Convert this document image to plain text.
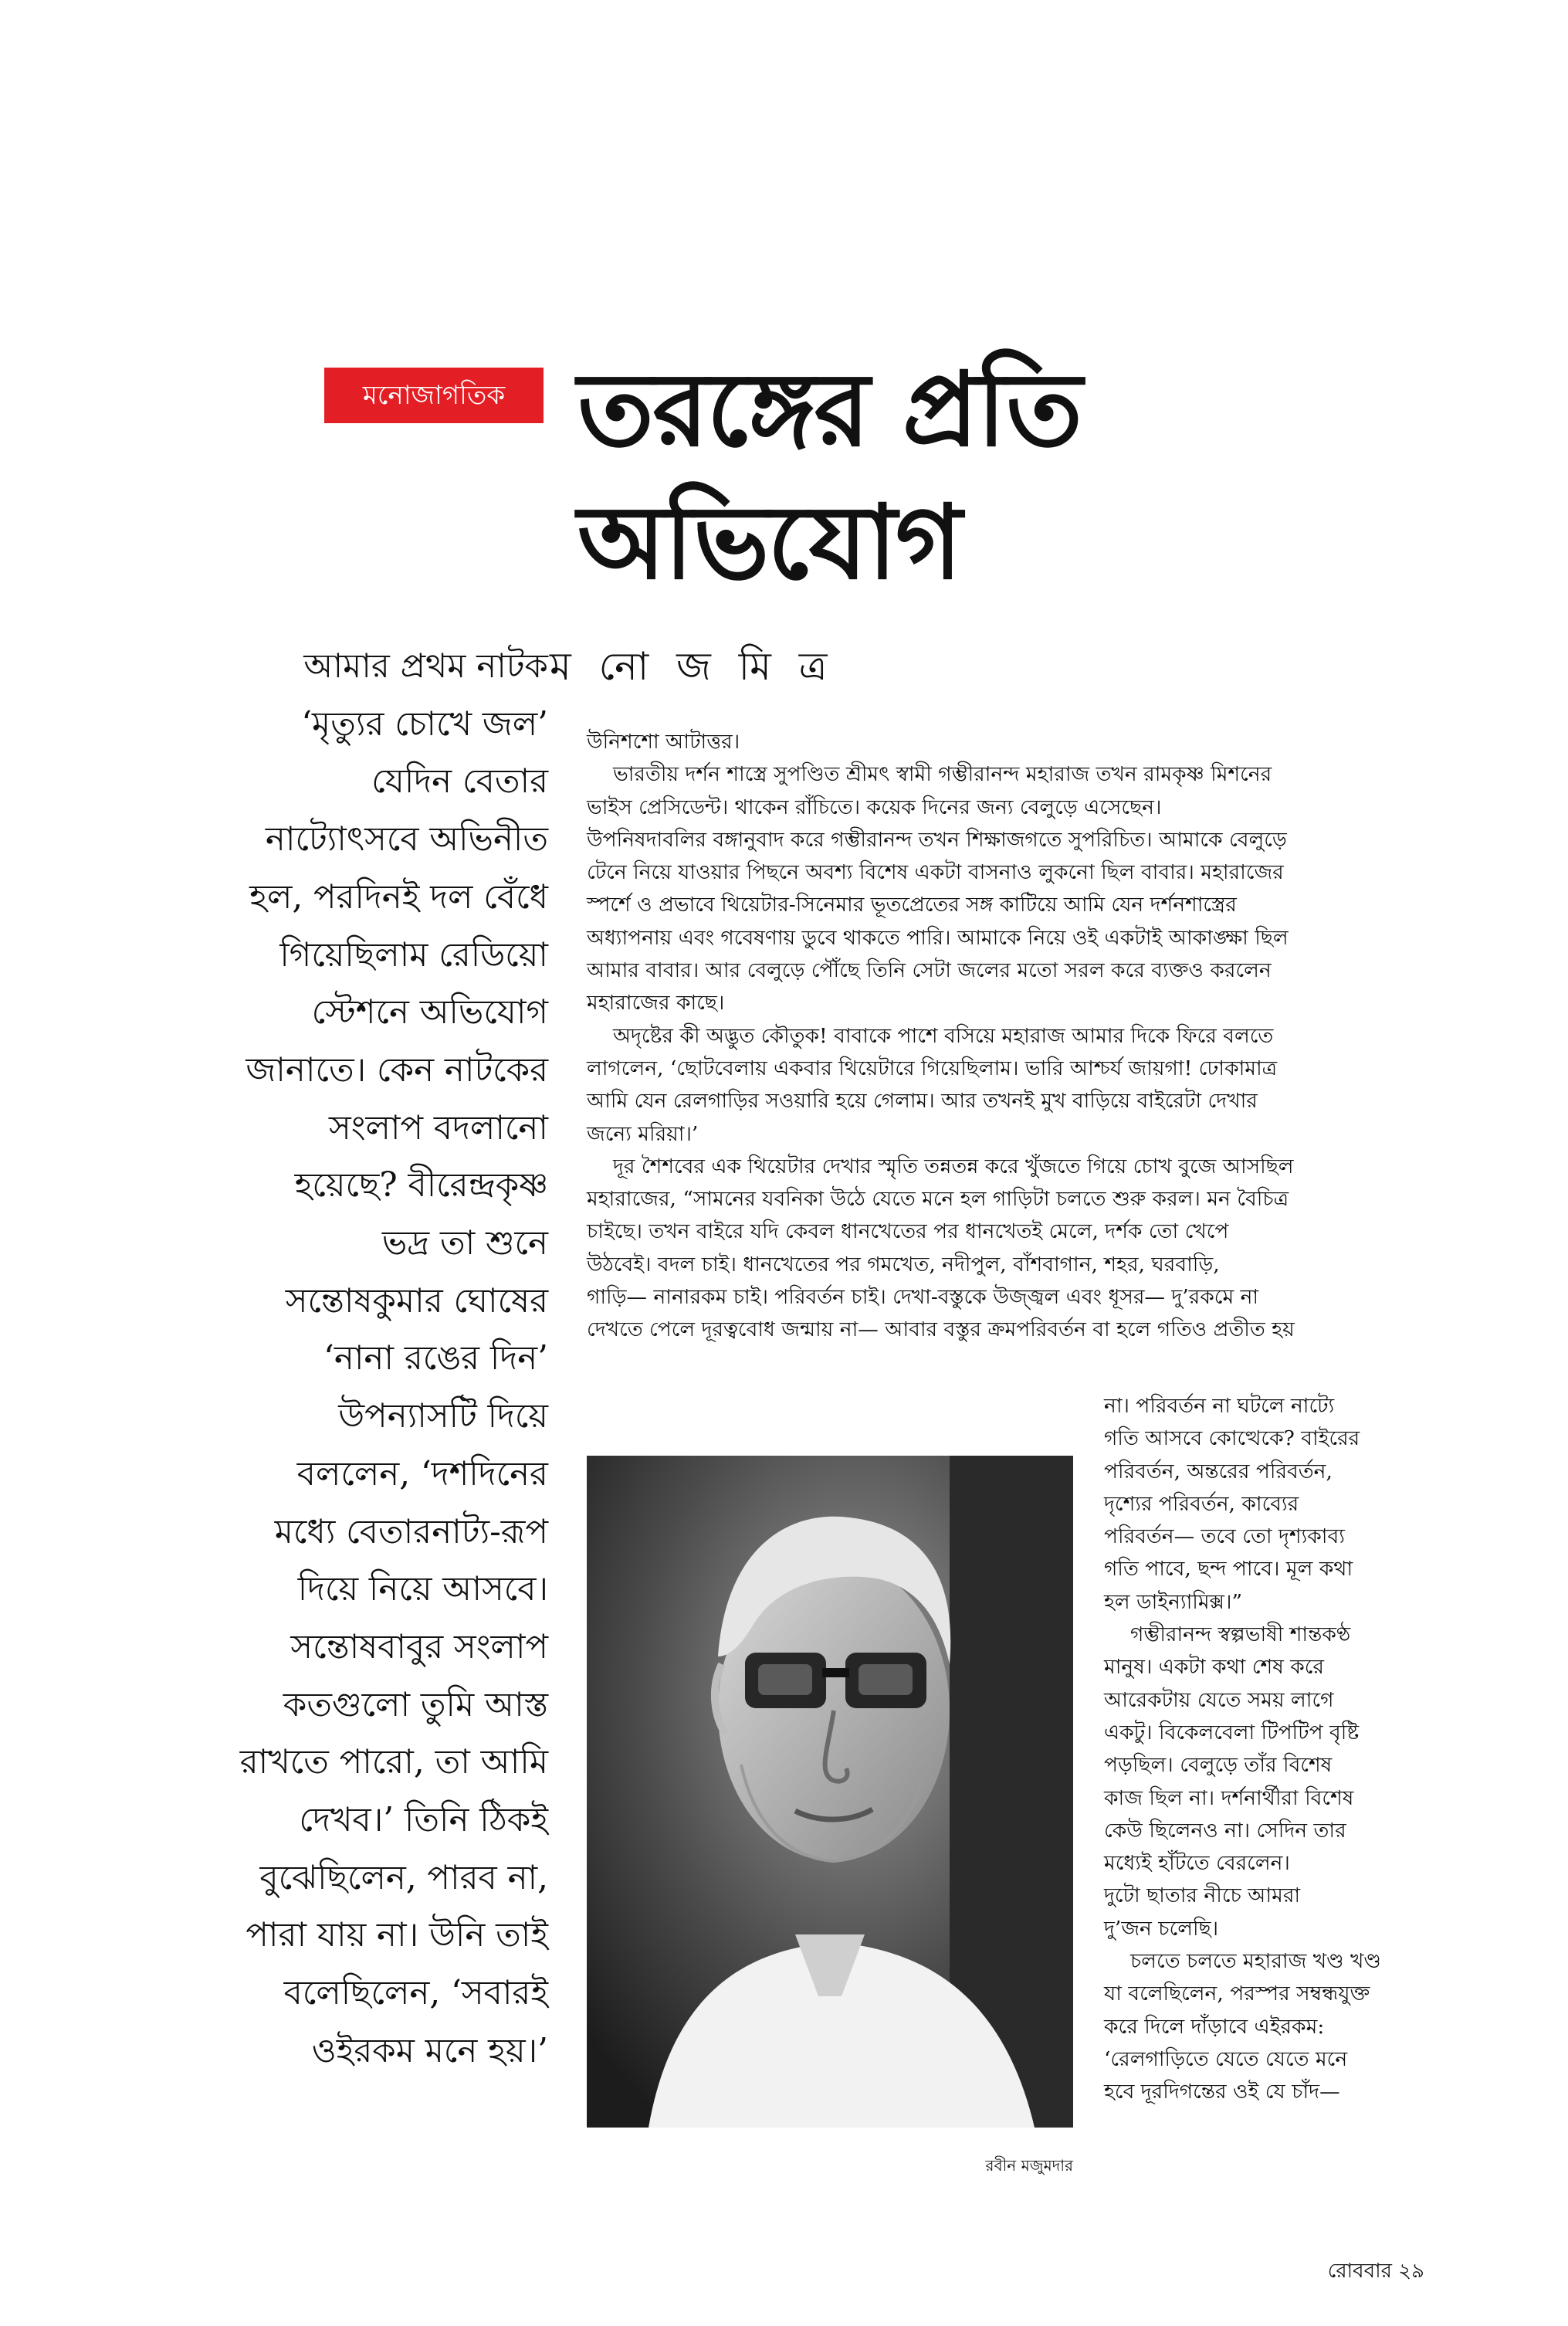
মনোজাগতিক তরঙ্গের প্রতি
অভিযোগ
ম নো জ মি ত্র
আমার প্রথম নাটক
‘মৃত্যুর চোখে জল’
যেদিন বেতার
নাট্যোৎসবে অভিনীত
হল, পরদিনই দল বেঁধে
গিয়েছিলাম রেডিয়ো
স্টেশনে অভিযোগ
জানাতে। কেন নাটকের
সংলাপ বদলানো
হয়েছে? বীরেন্দ্রকৃষ্ণ
ভদ্র তা শুনে
সন্তোষকুমার ঘোষের
‘নানা রঙের দিন’
উপন্যাসটি দিয়ে
বললেন, ‘দশদিনের
মধ্যে বেতারনাট্য-রূপ
দিয়ে নিয়ে আসবে।
সন্তোষবাবুর সংলাপ
কতগুলো তুমি আস্ত
রাখতে পারো, তা আমি
দেখব।’ তিনি ঠিকই
বুঝেছিলেন, পারব না,
পারা যায় না। উনি তাই
বলেছিলেন, ‘সবারই
ওইরকম মনে হয়।’
উনিশশো আটাত্তর।
ভারতীয় দর্শন শাস্ত্রে সুপণ্ডিত শ্রীমৎ স্বামী গম্ভীরানন্দ মহারাজ তখন রামকৃষ্ণ মিশনের
ভাইস প্রেসিডেন্ট। থাকেন রাঁচিতে। কয়েক দিনের জন্য বেলুড়ে এসেছেন।
উপনিষদাবলির বঙ্গানুবাদ করে গম্ভীরানন্দ তখন শিক্ষাজগতে সুপরিচিত। আমাকে বেলুড়ে
টেনে নিয়ে যাওয়ার পিছনে অবশ্য বিশেষ একটা বাসনাও লুকনো ছিল বাবার। মহারাজের
স্পর্শে ও প্রভাবে থিয়েটার-সিনেমার ভূতপ্রেতের সঙ্গ কাটিয়ে আমি যেন দর্শনশাস্ত্রের
অধ্যাপনায় এবং গবেষণায় ডুবে থাকতে পারি। আমাকে নিয়ে ওই একটাই আকাঙ্ক্ষা ছিল
আমার বাবার। আর বেলুড়ে পৌঁছে তিনি সেটা জলের মতো সরল করে ব্যক্তও করলেন
মহারাজের কাছে।
অদৃষ্টের কী অদ্ভুত কৌতুক! বাবাকে পাশে বসিয়ে মহারাজ আমার দিকে ফিরে বলতে
লাগলেন, ‘ছোটবেলায় একবার থিয়েটারে গিয়েছিলাম। ভারি আশ্চর্য জায়গা! ঢোকামাত্র
আমি যেন রেলগাড়ির সওয়ারি হয়ে গেলাম। আর তখনই মুখ বাড়িয়ে বাইরেটা দেখার
জন্যে মরিয়া।’
দূর শৈশবের এক থিয়েটার দেখার স্মৃতি তন্নতন্ন করে খুঁজতে গিয়ে চোখ বুজে আসছিল
মহারাজের, “সামনের যবনিকা উঠে যেতে মনে হল গাড়িটা চলতে শুরু করল। মন বৈচিত্র
চাইছে। তখন বাইরে যদি কেবল ধানখেতের পর ধানখেতই মেলে, দর্শক তো খেপে
উঠবেই। বদল চাই। ধানখেতের পর গমখেত, নদীপুল, বাঁশবাগান, শহর, ঘরবাড়ি,
গাড়ি— নানারকম চাই। পরিবর্তন চাই। দেখা-বস্তুকে উজ্জ্বল এবং ধূসর— দু’রকমে না
দেখতে পেলে দূরত্ববোধ জন্মায় না— আবার বস্তুর ক্রমপরিবর্তন বা হলে গতিও প্রতীত হয়
রবীন মজুমদার
না। পরিবর্তন না ঘটলে নাট্যে
গতি আসবে কোত্থেকে? বাইরের
পরিবর্তন, অন্তরের পরিবর্তন,
দৃশ্যের পরিবর্তন, কাব্যের
পরিবর্তন— তবে তো দৃশ্যকাব্য
গতি পাবে, ছন্দ পাবে। মূল কথা
হল ডাইন্যামিক্স।”
গম্ভীরানন্দ স্বল্পভাষী শান্তকণ্ঠ
মানুষ। একটা কথা শেষ করে
আরেকটায় যেতে সময় লাগে
একটু। বিকেলবেলা টিপটিপ বৃষ্টি
পড়ছিল। বেলুড়ে তাঁর বিশেষ
কাজ ছিল না। দর্শনার্থীরা বিশেষ
কেউ ছিলেনও না। সেদিন তার
মধ্যেই হাঁটতে বেরলেন।
দুটো ছাতার নীচে আমরা
দু’জন চলেছি।
চলতে চলতে মহারাজ খণ্ড খণ্ড
যা বলেছিলেন, পরস্পর সম্বন্ধযুক্ত
করে দিলে দাঁড়াবে এইরকম:
‘রেলগাড়িতে যেতে যেতে মনে
হবে দূরদিগন্তের ওই যে চাঁদ—
রোববার ২৯
